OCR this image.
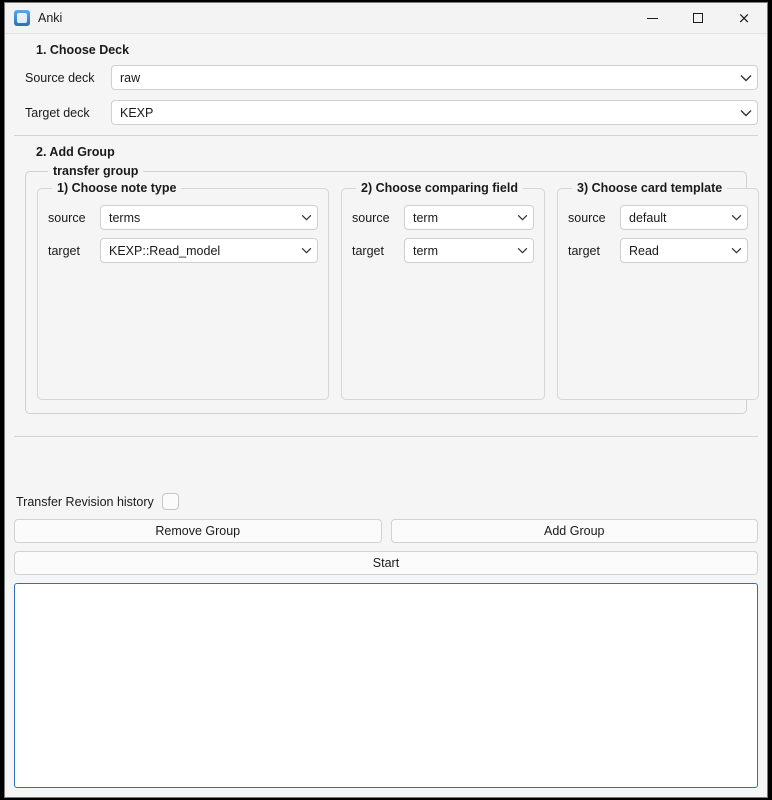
Anki	×
1. Choose Deck
Source deck	raw
Target deck	KEXP
2. Add Group
transfer group
1) Choose note type
source	terms
target	KEXP::Read_model
2) Choose comparing field
source	term
target	term
3) Choose card template
source	default
target	Read
Transfer Revision history
Remove Group	Add Group
Start
